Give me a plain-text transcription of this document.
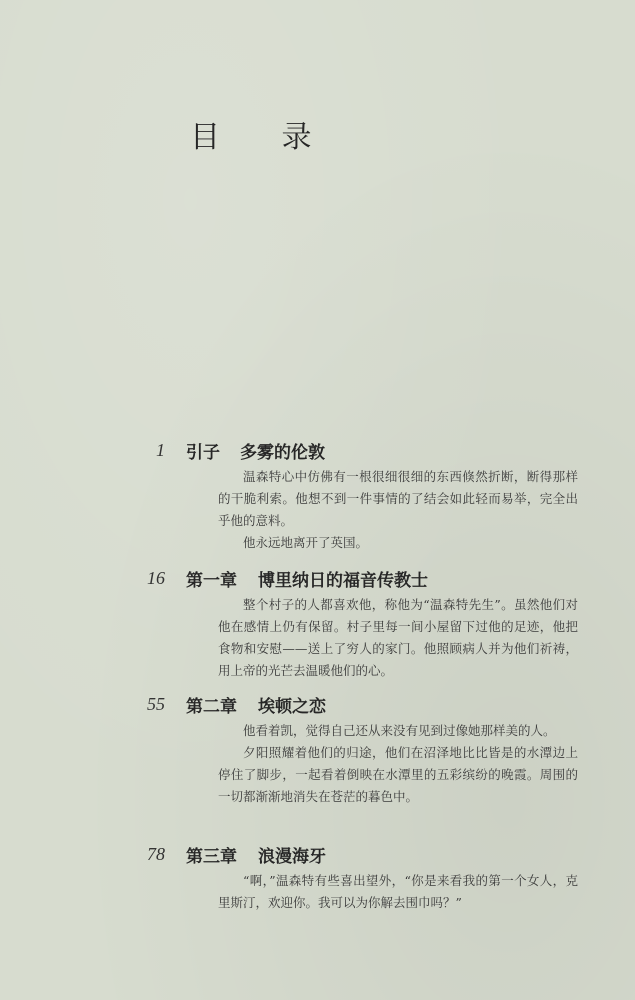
目 录
1 引子 多雾的伦敦

温森特心中仿佛有一根很细很细的东西倏然折断，断得那样的干脆利索。他想不到一件事情的了结会如此轻而易举，完全出乎他的意料。

他永远地离开了英国。

16 第一章 博里纳日的福音传教士

整个村子的人都喜欢他，称他为“温森特先生”。虽然他们对他在感情上仍有保留。村子里每一间小屋留下过他的足迹，他把食物和安慰——送上了穷人的家门。他照顾病人并为他们祈祷，用上帝的光芒去温暖他们的心。

55 第二章 埃顿之恋

他看着凯，觉得自己还从来没有见到过像她那样美的人。

夕阳照耀着他们的归途，他们在沼泽地比比皆是的水潭边上停住了脚步，一起看着倒映在水潭里的五彩缤纷的晚霞。周围的一切都渐渐地消失在苍茫的暮色中。

78 第三章 浪漫海牙

“啊，”温森特有些喜出望外，“你是来看我的第一个女人，克里斯汀，欢迎你。我可以为你解去围巾吗？”
